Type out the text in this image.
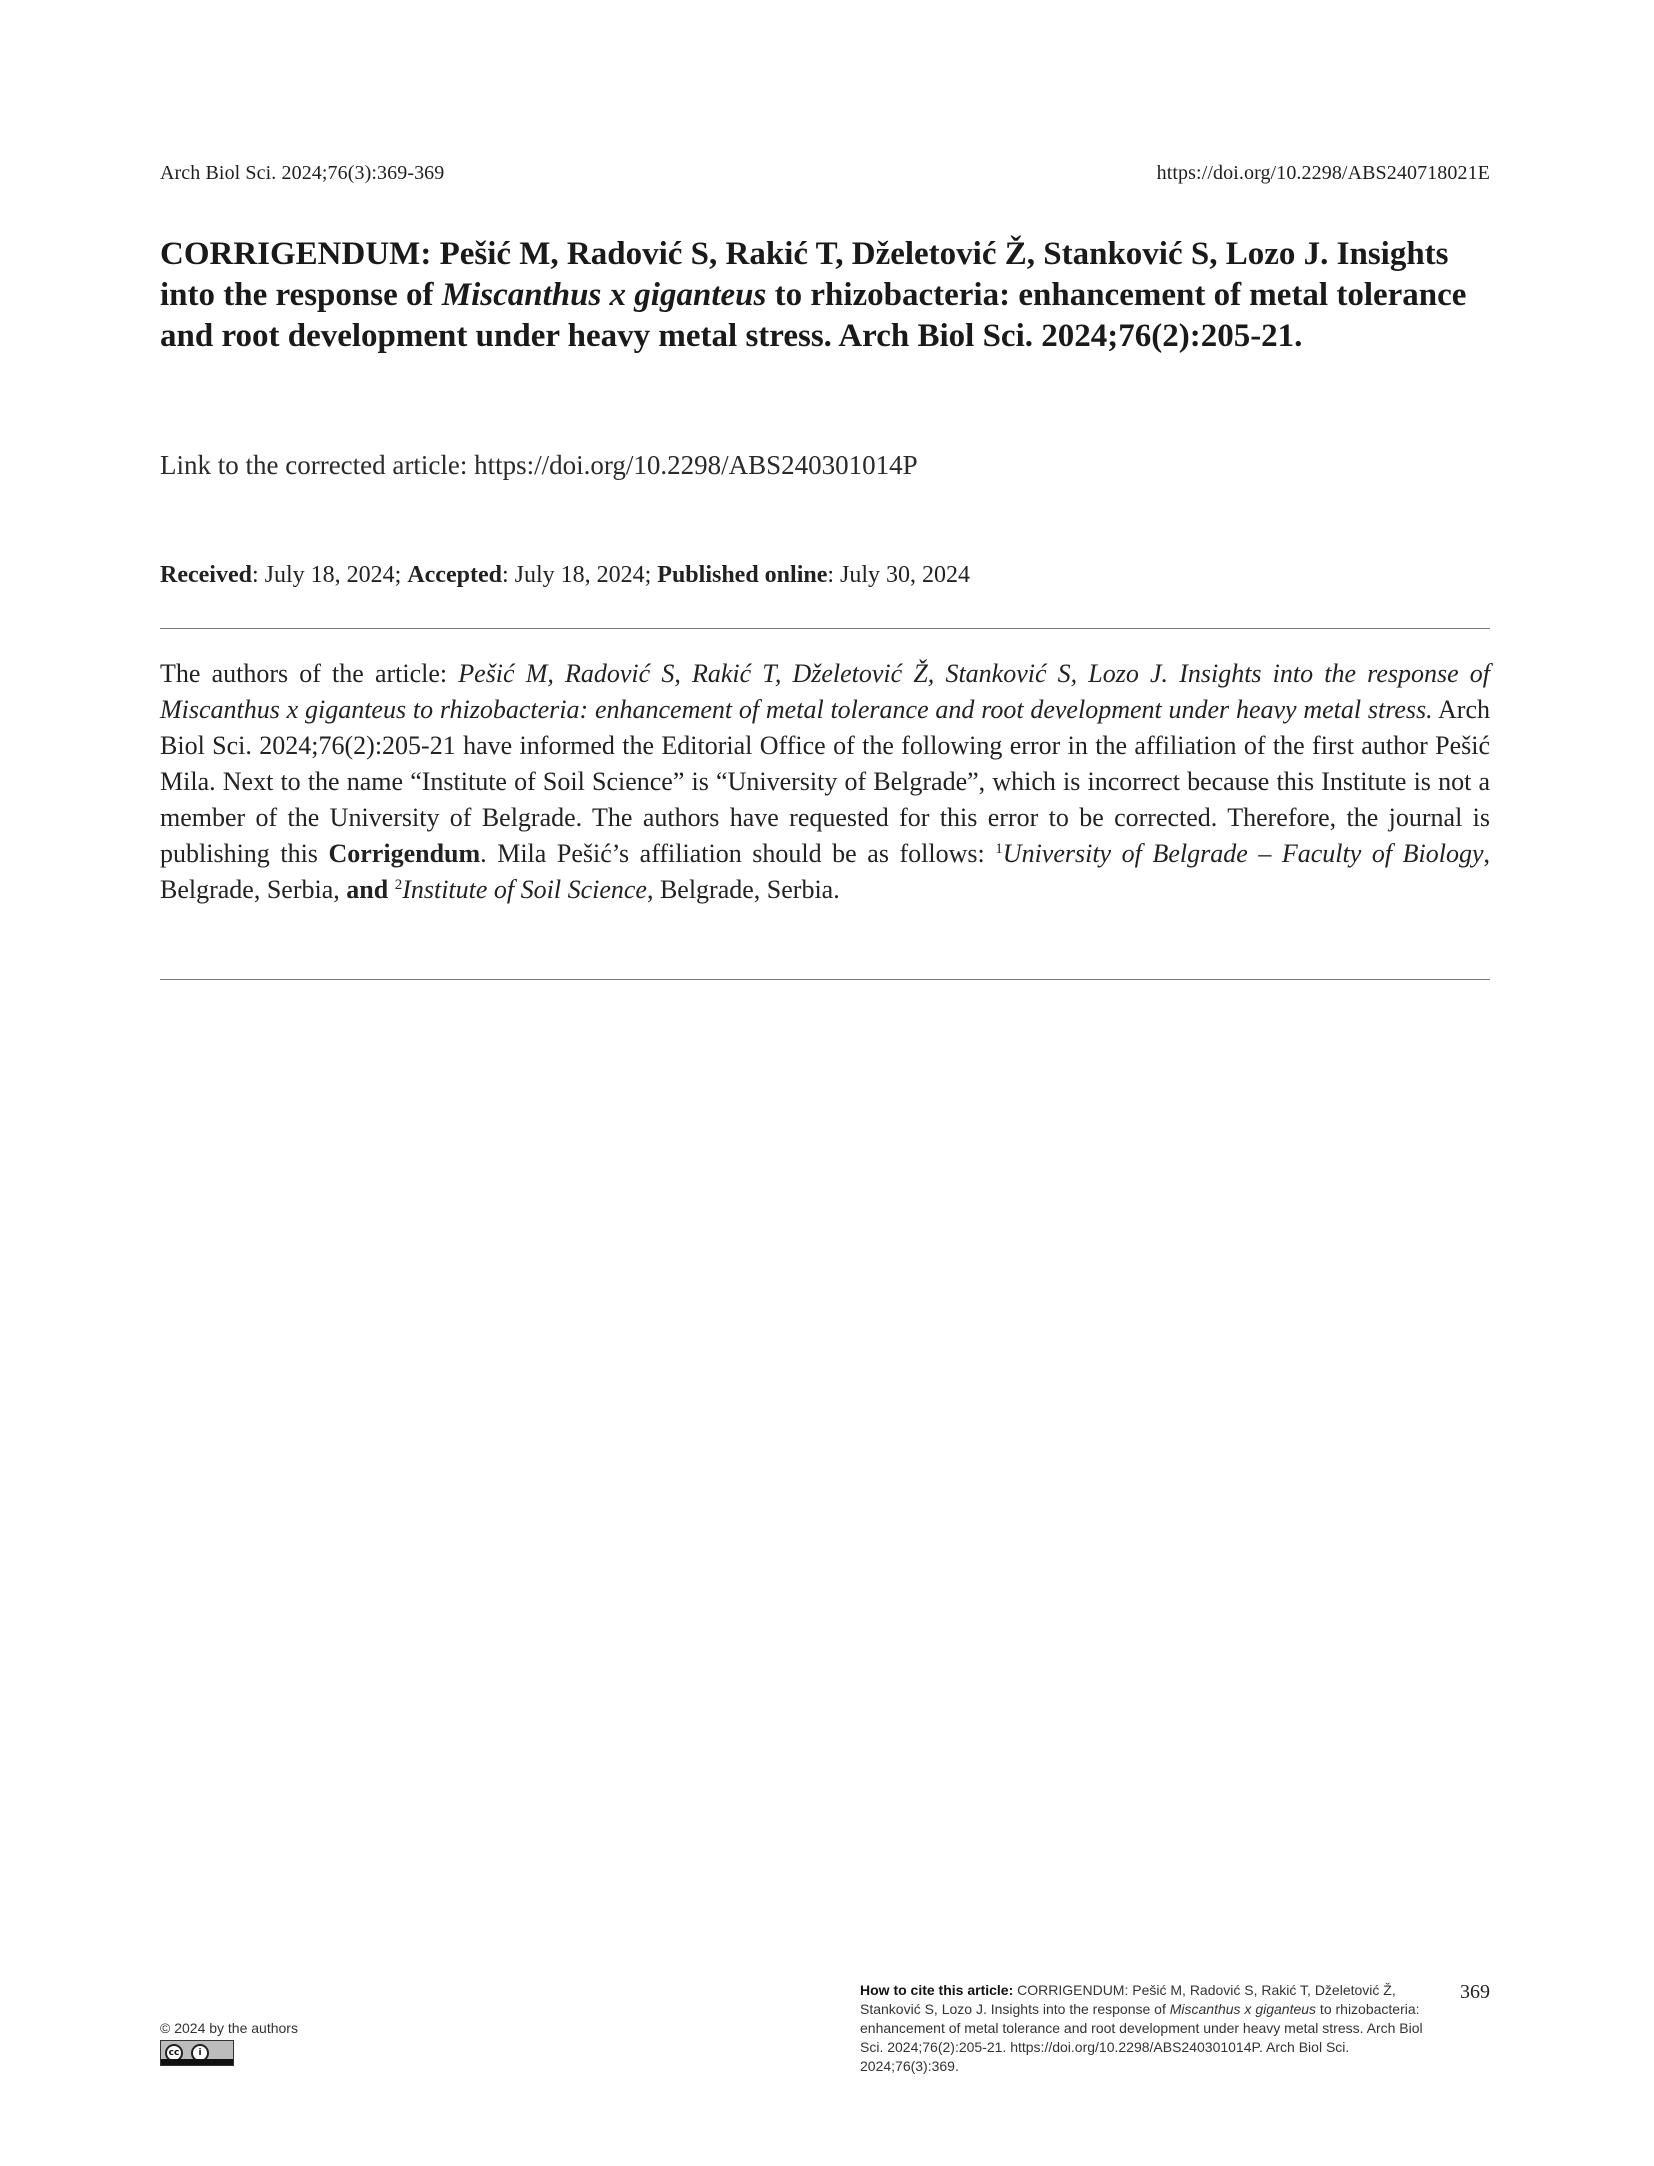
Arch Biol Sci. 2024;76(3):369-369	https://doi.org/10.2298/ABS240718021E
CORRIGENDUM: Pešić M, Radović S, Rakić T, Dželetović Ž, Stanković S, Lozo J. Insights into the response of Miscanthus x giganteus to rhizobacteria: enhancement of metal tolerance and root development under heavy metal stress. Arch Biol Sci. 2024;76(2):205-21.
Link to the corrected article: https://doi.org/10.2298/ABS240301014P
Received: July 18, 2024; Accepted: July 18, 2024; Published online: July 30, 2024
The authors of the article: Pešić M, Radović S, Rakić T, Dželetović Ž, Stanković S, Lozo J. Insights into the response of Miscanthus x giganteus to rhizobacteria: enhancement of metal tolerance and root development under heavy metal stress. Arch Biol Sci. 2024;76(2):205-21 have informed the Editorial Office of the following error in the affiliation of the first author Pešić Mila. Next to the name “Institute of Soil Science” is “University of Belgrade”, which is incorrect because this Institute is not a member of the University of Belgrade. The authors have requested for this error to be corrected. Therefore, the journal is publishing this Corrigendum. Mila Pešić’s affiliation should be as follows: $^1$University of Belgrade – Faculty of Biology, Belgrade, Serbia, and $^2$Institute of Soil Science, Belgrade, Serbia.
© 2024 by the authors
cc	i
How to cite this article: CORRIGENDUM: Pešić M, Radović S, Rakić T, Dželetović Ž, Stanković S, Lozo J. Insights into the response of Miscanthus x giganteus to rhizobacteria: enhancement of metal tolerance and root development under heavy metal stress. Arch Biol Sci. 2024;76(2):205-21. https://doi.org/10.2298/ABS240301014P. Arch Biol Sci. 2024;76(3):369.
369
